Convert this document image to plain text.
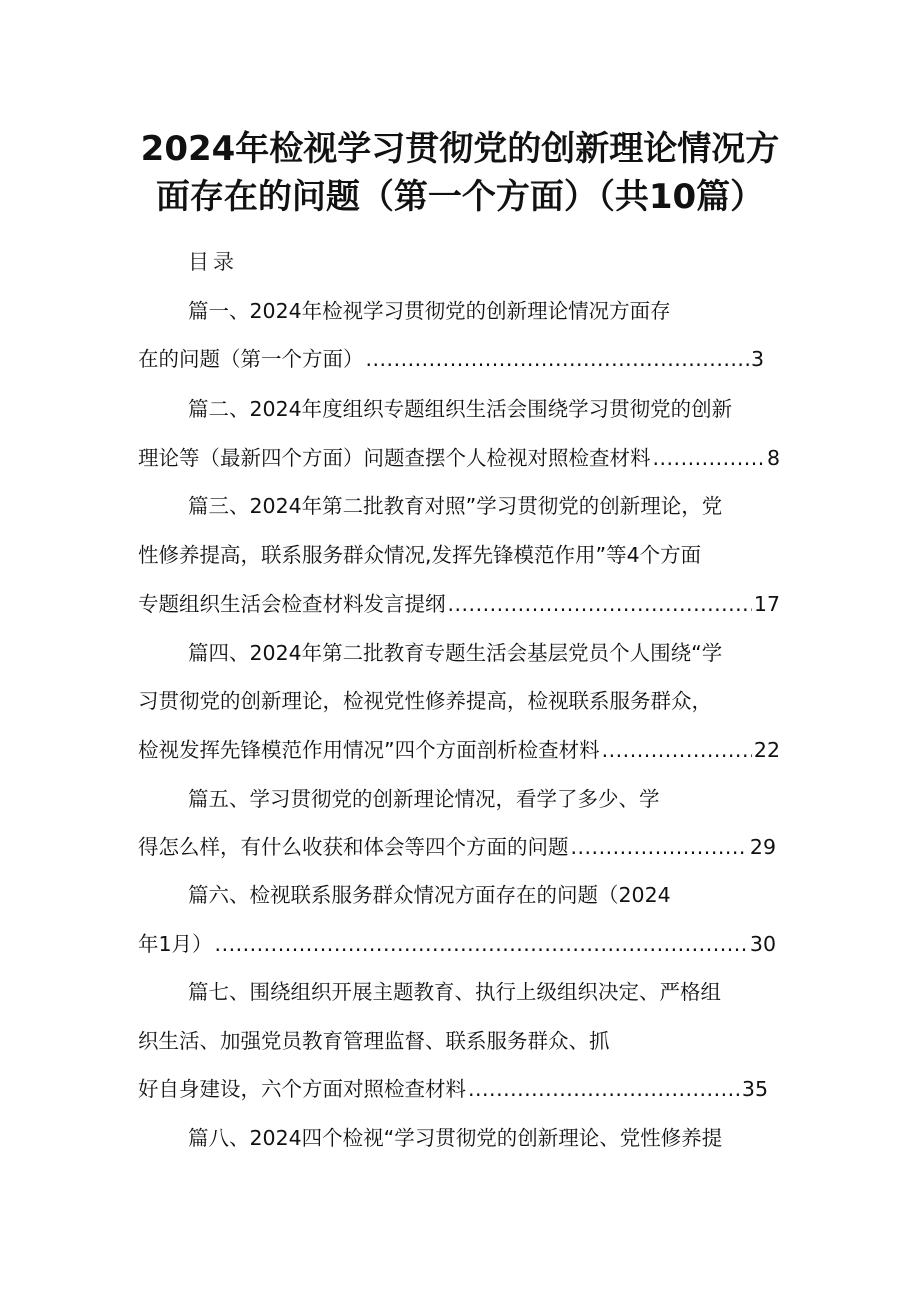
2024年检视学习贯彻党的创新理论情况方
面存在的问题（第一个方面）（共10篇）
目录
篇一、2024年检视学习贯彻党的创新理论情况方面存
在的问题（第一个方面） .....	3
篇二、2024年度组织专题组织生活会围绕学习贯彻党的创新
理论等（最新四个方面）问题查摆个人检视对照检查材料 .....	8
篇三、2024年第二批教育对照”学习贯彻党的创新理论，党
性修养提高，联系服务群众情况,发挥先锋模范作用”等4个方面
专题组织生活会检查材料发言提纲 .....	17
篇四、2024年第二批教育专题生活会基层党员个人围绕“学
习贯彻党的创新理论，检视党性修养提高，检视联系服务群众，
检视发挥先锋模范作用情况”四个方面剖析检查材料 .....	22
篇五、学习贯彻党的创新理论情况，看学了多少、学
得怎么样，有什么收获和体会等四个方面的问题 .....	29
篇六、检视联系服务群众情况方面存在的问题（2024
年1月） .....	30
篇七、围绕组织开展主题教育、执行上级组织决定、严格组
织生活、加强党员教育管理监督、联系服务群众、抓
好自身建设，六个方面对照检查材料 .....	35
篇八、2024四个检视“学习贯彻党的创新理论、党性修养提
